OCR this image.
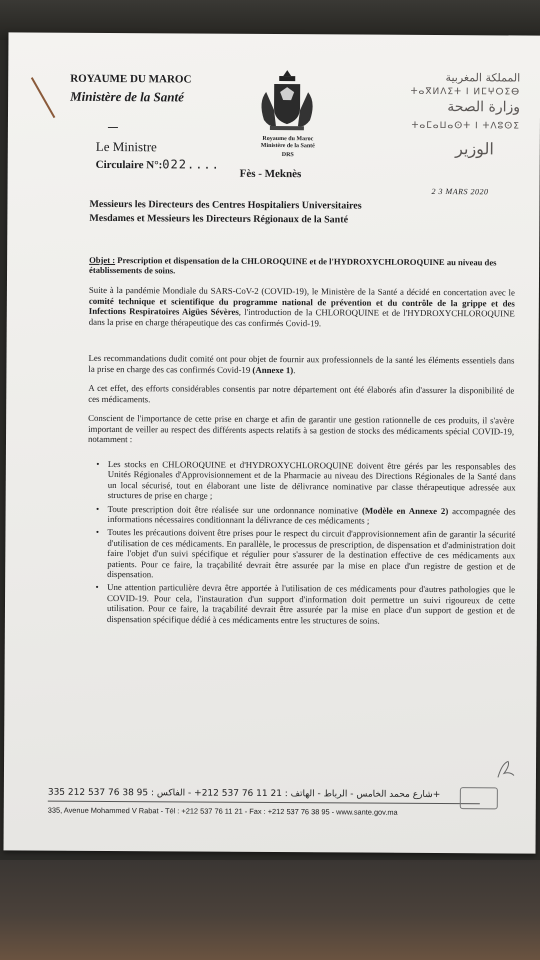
ROYAUME DU MAROC
Ministère de la Santé
Royaume du Maroc
Ministère de la Santé
DRS
Fès - Meknès
المملكة المغربية
ⵜⴰⴳⵍⴷⵉⵜ ⵏ ⵍⵎⵖⵔⵉⴱ
وزارة الصحة
ⵜⴰⵎⴰⵡⴰⵙⵜ ⵏ ⵜⴷⵓⵙⵉ
الوزير
Le Ministre
Circulaire N°:022....
2 3 MARS 2020
Messieurs les Directeurs des Centres Hospitaliers Universitaires
Mesdames et Messieurs les Directeurs Régionaux de la Santé
Objet : Prescription et dispensation de la CHLOROQUINE et de l'HYDROXYCHLOROQUINE au niveau des établissements de soins.
Suite à la pandémie Mondiale du SARS-CoV-2 (COVID-19), le Ministère de la Santé a décidé en concertation avec le comité technique et scientifique du programme national de prévention et du contrôle de la grippe et des Infections Respiratoires Aigües Sévères, l'introduction de la CHLOROQUINE et de l'HYDROXYCHLOROQUINE dans la prise en charge thérapeutique des cas confirmés Covid-19.
Les recommandations dudit comité ont pour objet de fournir aux professionnels de la santé les éléments essentiels dans la prise en charge des cas confirmés Covid-19 (Annexe 1).
A cet effet, des efforts considérables consentis par notre département ont été élaborés afin d'assurer la disponibilité de ces médicaments.
Conscient de l'importance de cette prise en charge et afin de garantir une gestion rationnelle de ces produits, il s'avère important de veiller au respect des différents aspects relatifs à sa gestion de stocks des médicaments spécial COVID-19, notamment :
• Les stocks en CHLOROQUINE et d'HYDROXYCHLOROQUINE doivent être gérés par les responsables des Unités Régionales d'Approvisionnement et de la Pharmacie au niveau des Directions Régionales de la Santé dans un local sécurisé, tout en élaborant une liste de délivrance nominative par classe thérapeutique adressée aux structures de prise en charge ;
• Toute prescription doit être réalisée sur une ordonnance nominative (Modèle en Annexe 2) accompagnée des informations nécessaires conditionnant la délivrance de ces médicaments ;
• Toutes les précautions doivent être prises pour le respect du circuit d'approvisionnement afin de garantir la sécurité d'utilisation de ces médicaments. En parallèle, le processus de prescription, de dispensation et d'administration doit faire l'objet d'un suivi spécifique et régulier pour s'assurer de la destination effective de ces médicaments aux patients. Pour ce faire, la traçabilité devrait être assurée par la mise en place d'un registre de gestion et de dispensation.
• Une attention particulière devra être apportée à l'utilisation de ces médicaments pour d'autres pathologies que le COVID-19. Pour cela, l'instauration d'un support d'information doit permettre un suivi rigoureux de cette utilisation. Pour ce faire, la traçabilité devrait être assurée par la mise en place d'un support de gestion et de dispensation spécifique dédié à ces médicaments entre les structures de soins.
335 شارع محمد الخامس - الرباط - الهاتف : 21 11 76 537 212+ - الفاكس : 95 38 76 537 212+
335, Avenue Mohammed V Rabat - Tél : +212 537 76 11 21 - Fax : +212 537 76 38 95 - www.sante.gov.ma
